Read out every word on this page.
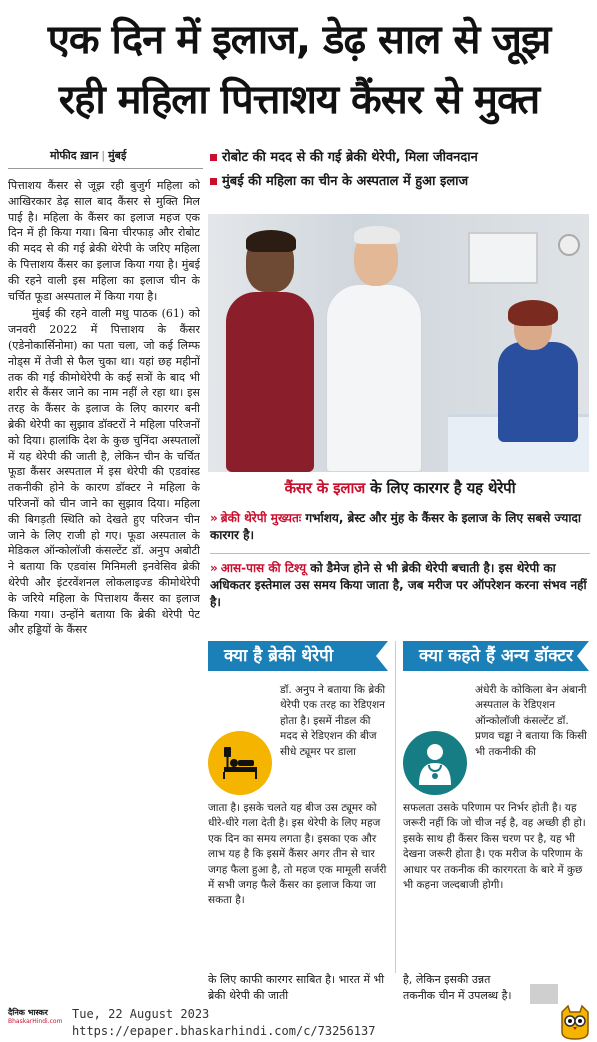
एक दिन में इलाज, डेढ़ साल से जूझ
रही महिला पित्ताशय कैंसर से मुक्त
मोफीद ख़ान | मुंबई	रोबोट की मदद से की गई ब्रेकी थेरेपी, मिला जीवनदान
मुंबई की महिला का चीन के अस्पताल में हुआ इलाज

पित्ताशय कैंसर से जूझ रही बुजुर्ग महिला को आखिरकार डेढ़ साल बाद कैंसर से मुक्ति मिल पाई है। महिला के कैंसर का इलाज महज एक दिन में ही किया गया। बिना चीरफाड़ और रोबोट की मदद से की गई ब्रेकी थेरेपी के जरिए महिला के पित्ताशय कैंसर का इलाज किया गया है। मुंबई की रहने वाली इस महिला का इलाज चीन के चर्चित फूडा अस्पताल में किया गया है।

मुंबई की रहने वाली मधु पाठक (61) को जनवरी 2022 में पित्ताशय के कैंसर (एडेनोकार्सिनोमा) का पता चला, जो कई लिम्फ नोड्स में तेजी से फैल चुका था। यहां छह महीनों तक की गई कीमोथेरेपी के कई सत्रों के बाद भी शरीर से कैंसर जाने का नाम नहीं ले रहा था। इस तरह के कैंसर के इलाज के लिए कारगर बनी ब्रेकी थेरेपी का सुझाव डॉक्टरों ने महिला परिजनों को दिया। हालांकि देश के कुछ चुनिंदा अस्पतालों में यह थेरेपी की जाती है, लेकिन चीन के चर्चित फूडा कैंसर अस्पताल में इस थेरेपी की एडवांस्ड तकनीकी होने के कारण डॉक्टर ने महिला के परिजनों को चीन जाने का सुझाव दिया। महिला की बिगड़ती स्थिति को देखते हुए परिजन चीन जाने के लिए राजी हो गए। फूडा अस्पताल के मेडिकल ऑन्कोलॉजी कंसल्टेंट डॉ. अनुप अबोटी ने बताया कि एडवांस मिनिमली इनवेसिव ब्रेकी थेरेपी और इंटरवेंशनल लोकलाइज्ड कीमोथेरेपी के जरिये महिला के पित्ताशय कैंसर का इलाज किया गया। उन्होंने बताया कि ब्रेकी थेरेपी पेट और हड्डियों के कैंसर

कैंसर के इलाज के लिए कारगर है यह थेरेपी
» ब्रेकी थेरेपी मुख्यतः गर्भाशय, ब्रेस्ट और मुंह के कैंसर के इलाज के लिए सबसे ज्यादा कारगर है।
» आस-पास की टिश्यू को डैमेज होने से भी ब्रेकी थेरेपी बचाती है। इस थेरेपी का अधिकतर इस्तेमाल उस समय किया जाता है, जब मरीज पर ऑपरेशन करना संभव नहीं है।
क्या है ब्रेकी थेरेपी

डॉ. अनुप ने बताया कि ब्रेकी थेरेपी एक तरह का रेडिएशन होता है। इसमें नीडल की मदद से रेडिएशन की बीज सीधे ट्यूमर पर डाला

जाता है। इसके चलते यह बीज उस ट्यूमर को धीरे-धीरे गला देती है। इस थेरेपी के लिए महज एक दिन का समय लगता है। इसका एक और लाभ यह है कि इसमें कैंसर अगर तीन से चार जगह फैला हुआ है, तो महज एक मामूली सर्जरी में सभी जगह फैले कैंसर का इलाज किया जा सकता है।

क्या कहते हैं अन्य डॉक्टर

अंधेरी के कोकिला बेन अंबानी अस्पताल के रेडिएशन ऑन्कोलॉजी कंसल्टेंट डॉ. प्रणव चड्ढा ने बताया कि किसी भी तकनीकी की

सफलता उसके परिणाम पर निर्भर होती है। यह जरूरी नहीं कि जो चीज नई है, वह अच्छी ही हो। इसके साथ ही कैंसर किस चरण पर है, यह भी देखना जरूरी होता है। एक मरीज के परिणाम के आधार पर तकनीक की कारगरता के बारे में कुछ भी कहना जल्दबाजी होगी।

के लिए काफी कारगर साबित है। भारत में भी ब्रेकी थेरेपी की जाती
है, लेकिन इसकी उन्नत तकनीक चीन में उपलब्ध है।
दैनिक भास्कर
BhaskarHindi.com
Tue, 22 August 2023
https://epaper.bhaskarhindi.com/c/73256137
